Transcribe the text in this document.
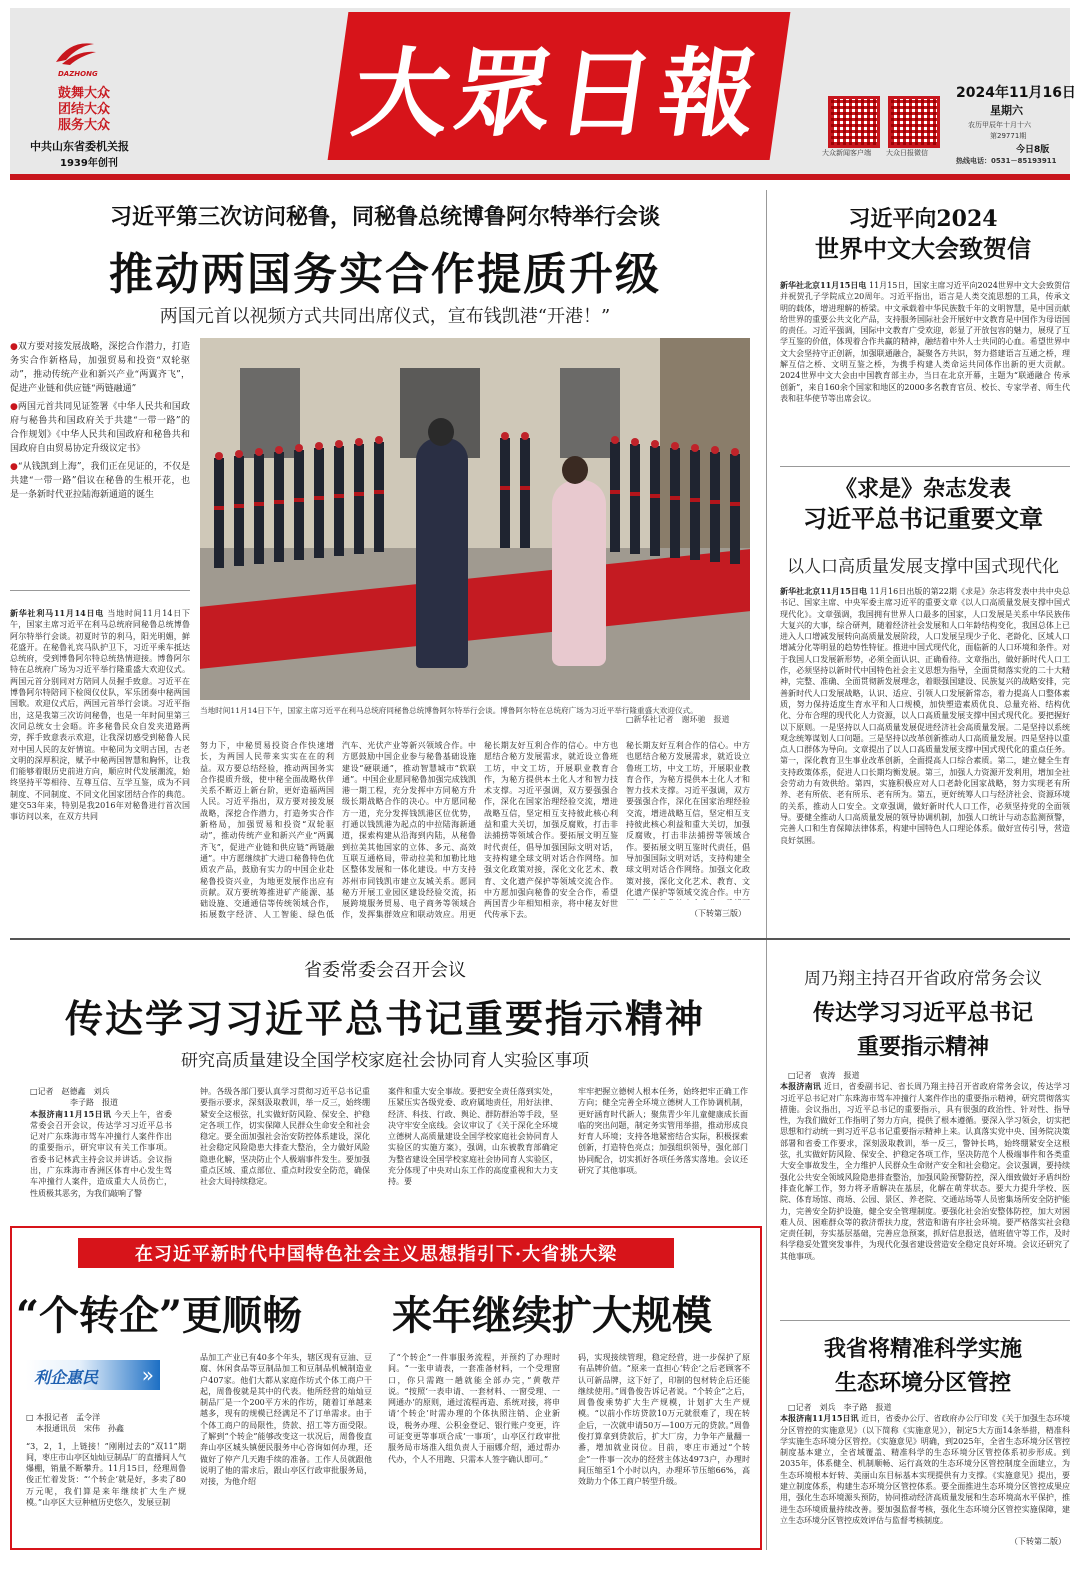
DAZHONG
鼓舞大众
团结大众
服务大众
中共山东省委机关报
1939年创刊
大眾日報
大众新闻客户端 大众日报微信
2024年11月16日
星期六
农历甲辰年十月十六
第29771期
今日8版
热线电话：0531－85193911
习近平第三次访问秘鲁，同秘鲁总统博鲁阿尔特举行会谈
推动两国务实合作提质升级
两国元首以视频方式共同出席仪式，宣布钱凯港“开港！”

● 双方要对接发展战略，深挖合作潜力，打造务实合作新格局，加强贸易和投资“双轮驱动”，推动传统产业和新兴产业“两翼齐飞”，促进产业链和供应链“两链融通”

● 两国元首共同见证签署《中华人民共和国政府与秘鲁共和国政府关于共建“一带一路”的合作规划》《中华人民共和国政府和秘鲁共和国政府自由贸易协定升级议定书》

● “从钱凯到上海”，我们正在见证的，不仅是共建“一带一路”倡议在秘鲁的生根开花，也是一条新时代亚拉陆海新通道的诞生

新华社利马11月14日电 当地时间11月14日下午，国家主席习近平在利马总统府同秘鲁总统博鲁阿尔特举行会谈。初夏时节的利马，阳光明媚，鲜花盛开。在秘鲁礼宾马队护卫下，习近平乘车抵达总统府，受到博鲁阿尔特总统热情迎接。博鲁阿尔特在总统府广场为习近平举行隆重盛大欢迎仪式。两国元首分别同对方陪同人员握手致意。习近平在博鲁阿尔特陪同下检阅仪仗队，军乐团奏中秘两国国歌。欢迎仪式后，两国元首举行会谈。习近平指出，这是我第三次访问秘鲁，也是一年时间里第三次同总统女士会晤。许多秘鲁民众自发夹道路两旁，挥手致意表示欢迎，让我深切感受到秘鲁人民对中国人民的友好情谊。中秘同为文明古国，古老文明的深厚积淀，赋予中秘两国智慧和胸怀，让我们能够着眼历史前进方向，顺应时代发展潮流，始终坚持平等相待、互尊互信、互学互鉴，成为不同制度、不同制度、不同文化国家团结合作的典范。建交53年来，特别是我2016年对秘鲁进行首次国事访问以来，在双方共同
当地时间11月14日下午，国家主席习近平在利马总统府同秘鲁总统博鲁阿尔特举行会谈。博鲁阿尔特在总统府广场为习近平举行隆重盛大欢迎仪式。
□新华社记者　谢环驰　报道
努力下，中秘贸易投资合作快速增长，为两国人民带来实实在在的利益。双方要总结经验，推动两国务实合作提质升级，使中秘全面战略伙伴关系不断迈上新台阶，更好造福两国人民。习近平指出，双方要对接发展战略，深挖合作潜力，打造务实合作新格局，加强贸易和投资“双轮驱动”，推动传统产业和新兴产业“两翼齐飞”，促进产业链和供应链“两链融通”。中方愿继续扩大进口秘鲁特色优质农产品，鼓励有实力的中国企业赴秘鲁投资兴业，为地更发展作出应有贡献。双方要统筹推进矿产能源、基础设施、交通通信等传统领域合作，拓展数字经济、人工智能、绿色低
汽车、光伏产业等新兴领域合作。中方愿鼓励中国企业参与秘鲁基础设施建设“硬联通”，推动智慧城市“软联通”。中国企业愿同秘鲁加强完成钱凯港一期工程，充分发挥中方同秘方升级长期战略合作的决心。中方愿同秘方一道，充分发挥钱凯港区位优势，打通以钱凯港为起点的中拉陆海新通道，探索构建从沿海到内陆，从秘鲁到拉美其他国家的立体、多元、高效互联互通格局，带动拉美和加勒比地区整体发展和一体化建设。中方支持苏州市同钱凯市建立友城关系。愿同秘方开展工业园区建设经验交流，拓展跨境服务贸易、电子商务等领域合作，发挥集群效应和联动效应。用更
秘长期友好互利合作的信心。中方也愿结合秘方发展需求，就近设立鲁班工坊，中文工坊，开展职业教育合作，为秘方提供本土化人才和智力技术支撑。习近平强调，双方要强强合作，深化在国家治理经验交流，增进战略互信，坚定相互支持彼此核心利益和重大关切，加强反腐败，打击非法捕捞等领域合作。要拓展文明互鉴时代责任，倡导加强国际文明对话，支持构建全球文明对话合作网络。加强文化政策对接，深化文化艺术、教育、文化遗产保护等领域交流合作。中方愿加强向秘鲁的安全合作，希望两国青少年相知相亲，将中秘友好世代传承下去。
秘长期友好互利合作的信心。中方也愿结合秘方发展需求，就近设立鲁班工坊，中文工坊，开展职业教育合作，为秘方提供本土化人才和智力技术支撑。习近平强调，双方要强强合作，深化在国家治理经验交流，增进战略互信，坚定相互支持彼此核心利益和重大关切，加强反腐败，打击非法捕捞等领域合作。要拓展文明互鉴时代责任，倡导加强国际文明对话，支持构建全球文明对话合作网络。加强文化政策对接，深化文化艺术、教育、文化遗产保护等领域交流合作。中方
（下转第三版）
习近平向2024
世界中文大会致贺信
新华社北京11月15日电 11月15日，国家主席习近平向2024世界中文大会致贺信并祝贺孔子学院成立20周年。习近平指出，语言是人类交流思想的工具，传承文明的载体，增进理解的桥梁。中文承载着中华民族数千年的文明智慧，是中国贡献给世界的重要公共文化产品，支持服务国际社会开展好中文教育是中国作为母语国的责任。习近平强调，国际中文教育广受欢迎，彰显了开放包容的魅力，展现了互学互鉴的价值，体现着合作共赢的精神，融结着中外人士共同的心血。希望世界中文大会坚持守正创新，加强联通融合，凝聚各方共识，努力搭建语言互通之桥，理解互信之桥、文明互鉴之桥，为携手构建人类命运共同体作出新的更大贡献。2024世界中文大会由中国教育部主办，当日在北京开幕，主题为“联通融合 传承创新”，来自160余个国家和地区的2000多名教育官员、校长、专家学者、师生代表和驻华使节等出席会议。
《求是》杂志发表
习近平总书记重要文章
以人口高质量发展支撑中国式现代化
新华社北京11月15日电 11月16日出版的第22期《求是》杂志将发表中共中央总书记、国家主席、中央军委主席习近平的重要文章《以人口高质量发展支撑中国式现代化》。文章强调，我国拥有世界人口最多的国家，人口发展是关系中华民族伟大复兴的大事，综合研判，随着经济社会发展和人口年龄结构变化，我国总体上已进入人口增减发展转向高质量发展阶段，人口发展呈现少子化、老龄化、区域人口增减分化等明显的趋势性特征。推进中国式现代化，面临新的人口环境和条件。对于我国人口发展新形势，必须全面认识、正确看待。文章指出，做好新时代人口工作，必须坚持以新时代中国特色社会主义思想为指导，全面贯彻落实党的二十大精神，完整、准确、全面贯彻新发展理念，着眼强国建设、民族复兴的战略安排，完善新时代人口发展战略，认识、适应、引领人口发展新常态，着力提高人口整体素质，努力保持适度生育水平和人口规模，加快塑造素质优良、总量充裕、结构优化、分布合理的现代化人力资源，以人口高质量发展支撑中国式现代化。要把握好以下原则。一是坚持以人口高质量发展促进经济社会高质量发展。二是坚持以系统观念统筹谋划人口问题。三是坚持以改革创新推动人口高质量发展。四是坚持以重点人口群体为导向。文章提出了以人口高质量发展支撑中国式现代化的重点任务。第一，深化教育卫生事业改革创新，全面提高人口综合素质。第二，建立健全生育支持政策体系，促进人口长期均衡发展。第三，加强人力资源开发利用，增加全社会劳动力有效供给。第四，实施积极应对人口老龄化国家战略，努力实现老有所养、老有所依、老有所乐、老有所为。第五，更好统筹人口与经济社会、资源环境的关系，推动人口安全。文章强调，做好新时代人口工作，必须坚持党的全面领导。要健全推动人口高质量发展的领导协调机制，加强人口统计与动态监测预警，完善人口和生育保障法律体系，构建中国特色人口理论体系。做好宣传引导，营造良好氛围。
省委常委会召开会议
传达学习习近平总书记重要指示精神
研究高质量建设全国学校家庭社会协同育人实验区事项
□记者　赵德鑫　刘兵
李子路　报道
本报济南11月15日讯 今天上午，省委常委会召开会议，传达学习习近平总书记对广东珠海市驾车冲撞行人案件作出的重要指示，研究审议有关工作事项。省委书记林武主持会议并讲话。会议指出，广东珠海市香洲区体育中心发生驾车冲撞行人案件，造成重大人员伤亡，性质极其恶劣，为我们敲响了警
钟。各级各部门要认真学习贯彻习近平总书记重要指示要求，深刻汲取教训，举一反三，始终绷紧安全这根弦，扎实做好防风险、保安全、护稳定各项工作，切实保障人民群众生命安全和社会稳定。要全面加强社会治安防控体系建设，深化社会稳定风险隐患大排查大整治，全力做好风险隐患化解，坚决防止个人极端事件发生。要加强重点区域、重点部位、重点时段安全防范，确保社会大局持续稳定。
案件和重大安全事故。要把安全责任落到实处，压紧压实各级党委、政府属地责任，用好法律、经济、科技、行政、舆论、群防群治等手段，坚决守牢安全底线。会议审议了《关于深化全环境立德树人高质量建设全国学校家庭社会协同育人实验区的实施方案》，强调，山东被教育部确定为整省建设全国学校家庭社会协同育人实验区，充分体现了中央对山东工作的高度重视和大力支持。要
牢牢把握立德树人根本任务，始终把牢正确工作方向；健全完善全环境立德树人工作协调机制，更好涵育时代新人；聚焦青少年儿童健康成长面临的突出问题，制定务实管用举措，推动形成良好育人环境；支持各地紧密结合实际，积极探索创新，打造特色亮点；加强组织领导，强化部门协同配合，切实抓好各项任务落实落地。会议还研究了其他事项。
周乃翔主持召开省政府常务会议
传达学习习近平总书记
重要指示精神
□记者　袁涛　报道
本报济南讯 近日，省委副书记、省长周乃翔主持召开省政府常务会议，传达学习习近平总书记对广东珠海市驾车冲撞行人案件作出的重要指示精神，研究贯彻落实措施。会议指出，习近平总书记的重要指示，具有很强的政治性、针对性、指导性，为我们做好工作指明了努力方向，提供了根本遵循。要深入学习领会，切实把思想和行动统一到习近平总书记重要指示精神上来。认真落实党中央、国务院决策部署和省委工作要求，深刻汲取教训，举一反三，警钟长鸣，始终绷紧安全这根弦，扎实做好防风险、保安全、护稳定各项工作，坚决防范个人极端事件和各类重大安全事故发生，全力维护人民群众生命财产安全和社会稳定。会议强调，要持续强化公共安全领域风险隐患排查整治，加强风险预警防控，深入细致做好矛盾纠纷排查化解工作，努力将矛盾解决在基层，化解在萌芽状态。要大力提升学校、医院、体育场馆、商场、公园、景区、养老院、交通站场等人员密集场所安全防护能力，完善安全防护设施，健全安全管理制度。要强化社会治安整体防控，加大对困难人员、困难群众等的救济帮扶力度，营造和谐有序社会环境。要严格落实社会稳定责任制，夯实基层基础，完善应急预案，抓好信息报送，值班值守等工作，及时科学稳妥处置突发事件，为现代化强省建设营造安全稳定良好环境。会议还研究了其他事项。
我省将精准科学实施
生态环境分区管控
□记者　刘兵　李子路　报道
本报济南11月15日讯 近日，省委办公厅、省政府办公厅印发《关于加强生态环境分区管控的实施意见》（以下简称《实施意见》），制定5大方面14条举措，精准科学实施生态环境分区管控。《实施意见》明确，到2025年，全省生态环境分区管控制度基本建立，全省域覆盖、精准科学的生态环境分区管控体系初步形成。到2035年，体系健全、机制顺畅、运行高效的生态环境分区管控制度全面建立，为生态环境根本好转、美丽山东目标基本实现提供有力支撑。《实施意见》提出，要建立制度体系，构建生态环境分区管控体系。要全面推进生态环境分区管控成果应用，强化生态环境源头预防，协同推动经济高质量发展和生态环境高水平保护，推进生态环境质量持续改善。要加强监督考核，强化生态环境分区管控实施保障，建立生态环境分区管控成效评估与监督考核制度。
（下转第二版）
在习近平新时代中国特色社会主义思想指引下·大省挑大梁
“个转企”更顺畅	来年继续扩大规模
利企惠民 »
□ 本报记者　孟令洋
本报通讯员　宋伟　孙鑫
“3，2，1，上链接！”刚刚过去的“双11”期间，枣庄市山亭区灿灿豆制品厂的直播间人气爆棚，销量不断攀升。11月15日，经理周鲁俊正忙着发货：“‘个转企’就是好，多卖了80万元呢，我们算是来年继续扩大生产规模。”山亭区大豆种植历史悠久，发展豆制
品加工产业已有40多个年头，辖区现有豆油、豆腐、休闲食品等豆制品加工和豆制品机械制造业户407家。他们大都从家庭作坊式个体工商户干起，周鲁俊就是其中的代表。他所经营的灿灿豆制品厂是一个200平方米的作坊，随着订单越来越多，现有的规模已经满足不了订单需求。由于个体工商户的局限性，贷款、招工等方面受限。了解到“个转企”能够改变这一状况后，周鲁俊直奔山亭区城头镇便民服务中心咨询如何办理，还做好了停产几天跑手续的准备。工作人员就跟他说明了他的需求后，跟山亭区行政审批服务局，对接，为他介绍
了“个转企”一件事服务流程，并预约了办理时间。“一张申请表，一套准备材料，一个受理窗口，你只需跑一趟就能全部办完，”黄敬芹说。“按照‘一表申请、一套材料、一窗受理、一网通办’的原则，通过流程再造、系统对接，将申请‘个转企’时需办理的个体执照注销、企业新设，税务办理、公积金登记、银行账户变更，许可证变更等事项合成‘一事项’，山亭区行政审批服务局市场准入组负责人于丽娜介绍，通过帮办代办，个人不用跑、只需本人签字确认即可。”
码，实现接续管理，稳定经营，进一步保护了原有品牌价值。“原来一直担心‘转企’之后老顾客不认可新品牌，这下好了，印制的包材转企后还能继续使用。”周鲁俊告诉记者说。“个转企”之后，周鲁俊乘势扩大生产规模，计划扩大生产规模。“以前小作坊贷款10万元就很难了，现在转企后，一次就申请50万—100万元的贷款。”周鲁俊打算拿到贷款后，扩大厂房，力争年产量翻一番，增加就业岗位。目前，枣庄市通过“个转企”一件事一次办的经营主体达4973户，办理时间压缩至1个小时以内，办理环节压缩66%，高效助力个体工商户转型升级。
